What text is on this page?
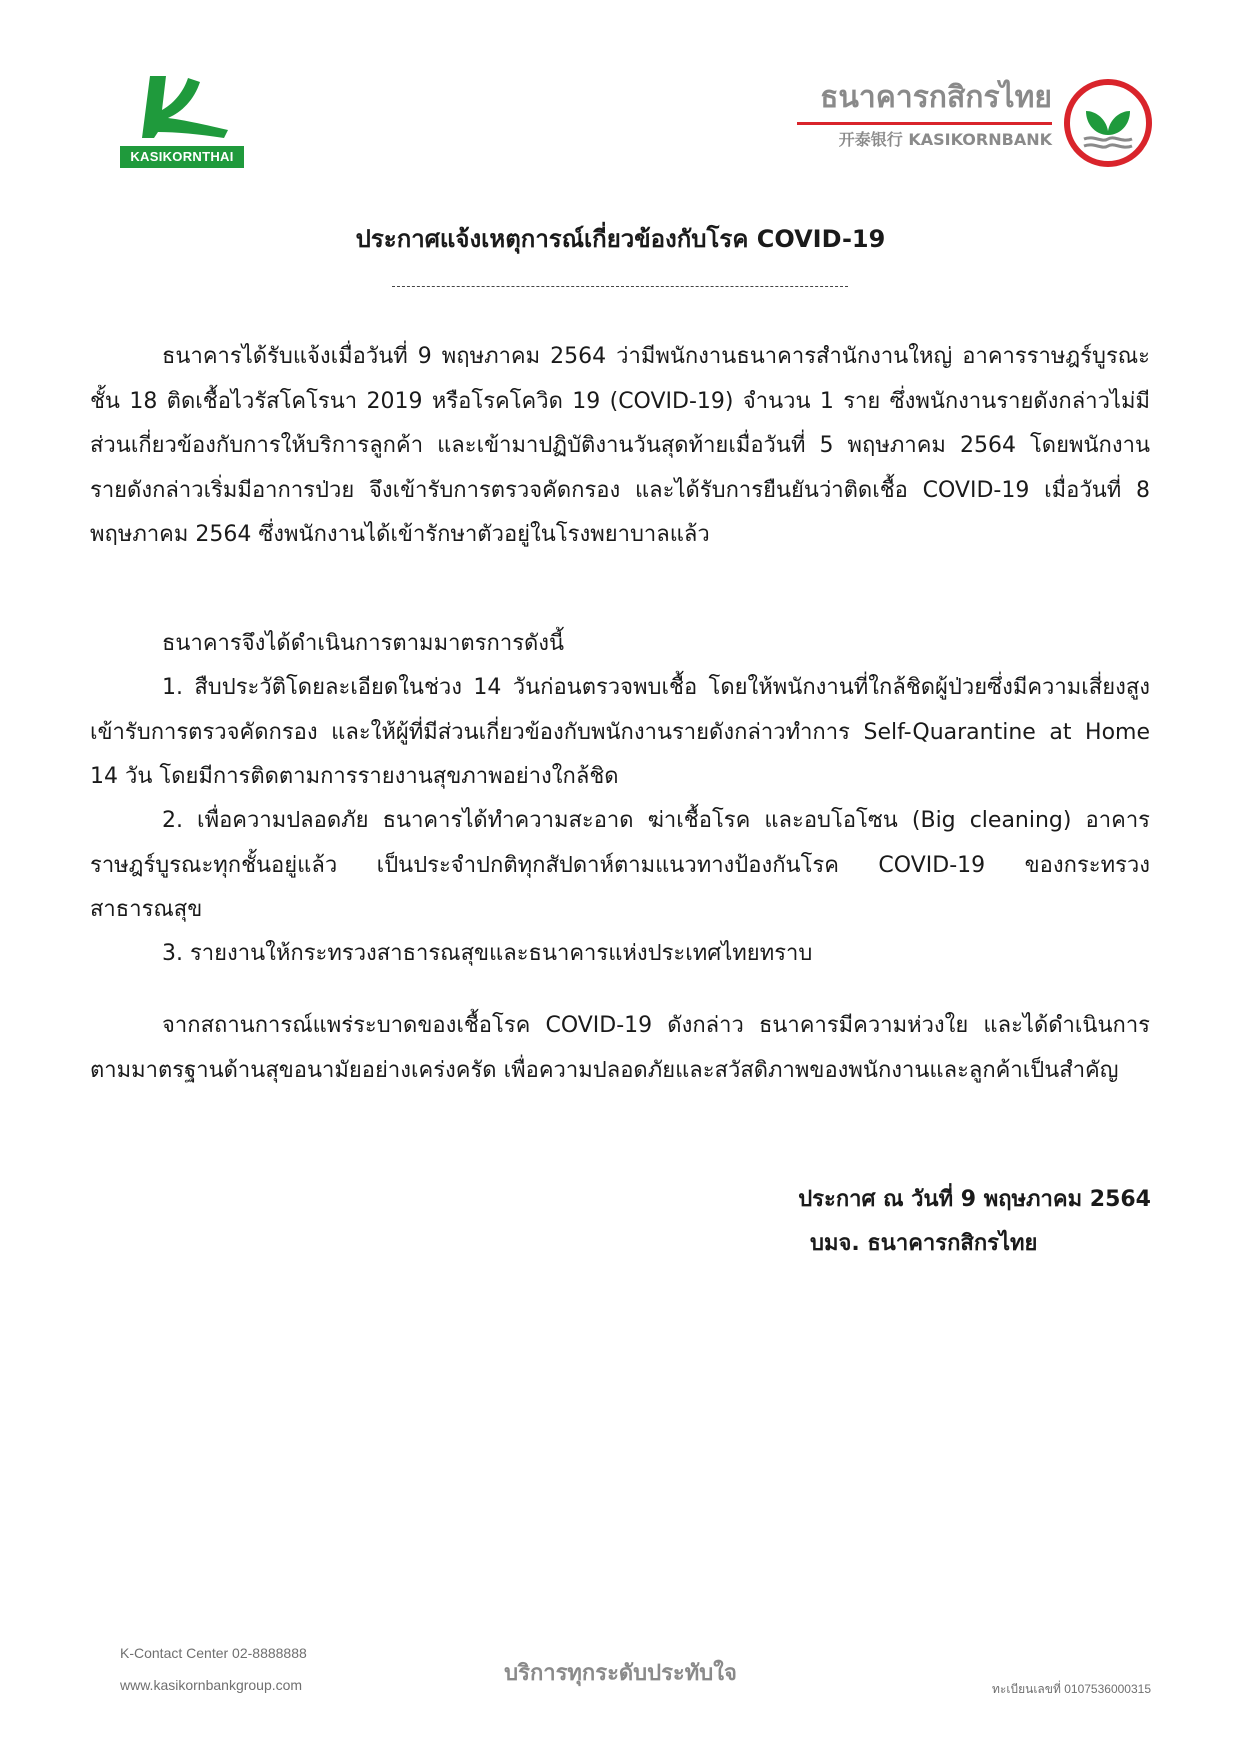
KASIKORNTHAI
ธนาคารกสิกรไทย
开泰银行 KASIKORNBANK
ประกาศแจ้งเหตุการณ์เกี่ยวข้องกับโรค COVID-19

ธนาคารได้รับแจ้งเมื่อวันที่ 9 พฤษภาคม 2564 ว่ามีพนักงานธนาคารสำนักงานใหญ่ อาคารราษฎร์บูรณะ ชั้น 18 ติดเชื้อไวรัสโคโรนา 2019 หรือโรคโควิด 19 (COVID-19) จำนวน 1 ราย ซึ่งพนักงานรายดังกล่าวไม่มีส่วนเกี่ยวข้องกับการให้บริการลูกค้า และเข้ามาปฏิบัติงานวันสุดท้ายเมื่อวันที่ 5 พฤษภาคม 2564 โดยพนักงานรายดังกล่าวเริ่มมีอาการป่วย จึงเข้ารับการตรวจคัดกรอง และได้รับการยืนยันว่าติดเชื้อ COVID-19 เมื่อวันที่ 8 พฤษภาคม 2564 ซึ่งพนักงานได้เข้ารักษาตัวอยู่ในโรงพยาบาลแล้ว

ธนาคารจึงได้ดำเนินการตามมาตรการดังนี้

1. สืบประวัติโดยละเอียดในช่วง 14 วันก่อนตรวจพบเชื้อ โดยให้พนักงานที่ใกล้ชิดผู้ป่วยซึ่งมีความเสี่ยงสูงเข้ารับการตรวจคัดกรอง และให้ผู้ที่มีส่วนเกี่ยวข้องกับพนักงานรายดังกล่าวทำการ Self-Quarantine at Home 14 วัน โดยมีการติดตามการรายงานสุขภาพอย่างใกล้ชิด

2. เพื่อความปลอดภัย ธนาคารได้ทำความสะอาด ฆ่าเชื้อโรค และอบโอโซน (Big cleaning) อาคารราษฎร์บูรณะทุกชั้นอยู่แล้ว เป็นประจำปกติทุกสัปดาห์ตามแนวทางป้องกันโรค COVID-19 ของกระทรวงสาธารณสุข

3. รายงานให้กระทรวงสาธารณสุขและธนาคารแห่งประเทศไทยทราบ

จากสถานการณ์แพร่ระบาดของเชื้อโรค COVID-19 ดังกล่าว ธนาคารมีความห่วงใย และได้ดำเนินการตามมาตรฐานด้านสุขอนามัยอย่างเคร่งครัด เพื่อความปลอดภัยและสวัสดิภาพของพนักงานและลูกค้าเป็นสำคัญ

ประกาศ ณ วันที่ 9 พฤษภาคม 2564
บมจ. ธนาคารกสิกรไทย
K-Contact Center 02-8888888
www.kasikornbankgroup.com	บริการทุกระดับประทับใจ
ทะเบียนเลขที่ 0107536000315
